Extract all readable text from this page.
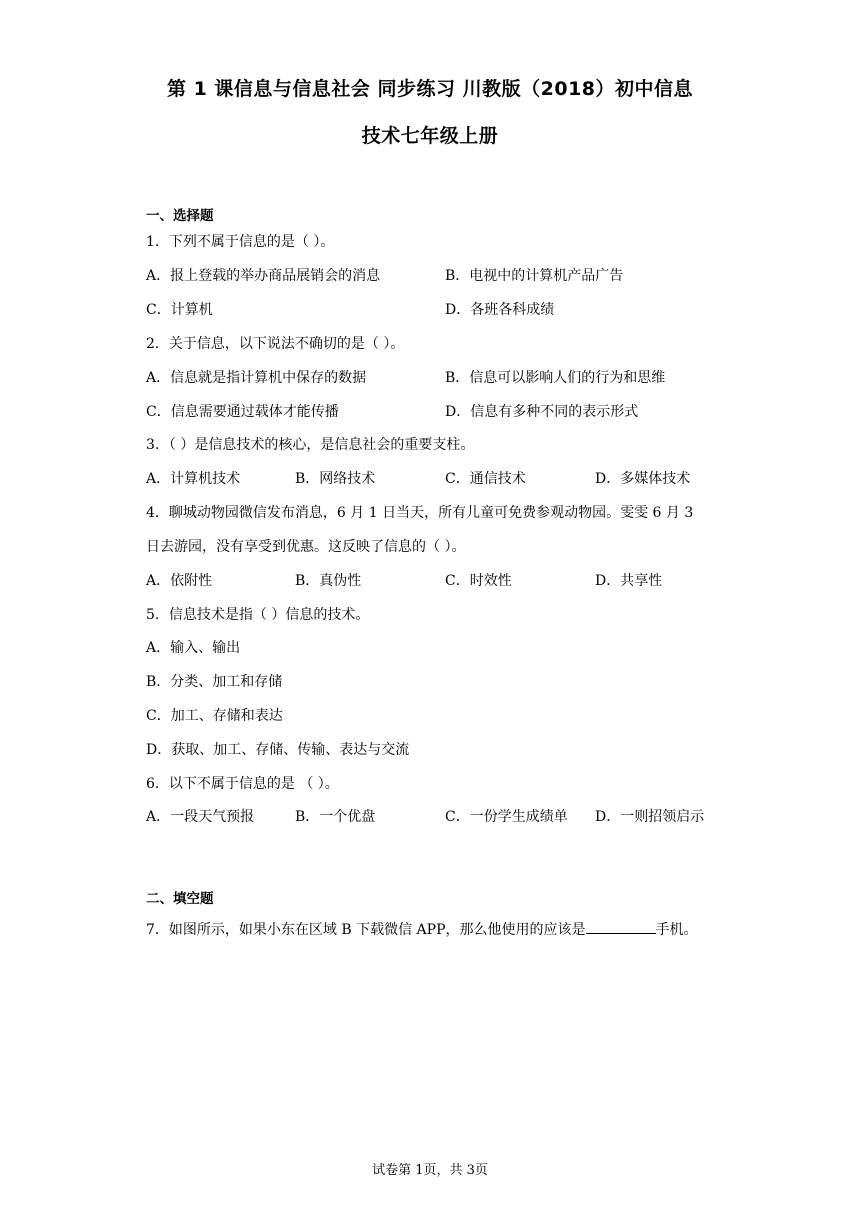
第 1 课信息与信息社会 同步练习 川教版（2018）初中信息
技术七年级上册
一、选择题
1．下列不属于信息的是（ ）。
A．报上登载的举办商品展销会的消息	B．电视中的计算机产品广告
C．计算机	D．各班各科成绩
2．关于信息，以下说法不确切的是（ ）。
A．信息就是指计算机中保存的数据	B．信息可以影响人们的行为和思维
C．信息需要通过载体才能传播	D．信息有多种不同的表示形式
3．（ ）是信息技术的核心，是信息社会的重要支柱。
A．计算机技术	B．网络技术	C．通信技术	D．多媒体技术
4．聊城动物园微信发布消息，6 月 1 日当天，所有儿童可免费参观动物园。雯雯 6 月 3
日去游园，没有享受到优惠。这反映了信息的（ ）。
A．依附性	B．真伪性	C．时效性	D．共享性
5．信息技术是指（ ）信息的技术。
A．输入、输出
B．分类、加工和存储
C．加工、存储和表达
D．获取、加工、存储、传输、表达与交流
6．以下不属于信息的是 （ ）。
A．一段天气预报	B．一个优盘	C．一份学生成绩单 D．一则招领启示
二、填空题
7．如图所示，如果小东在区域 B 下载微信 APP，那么他使用的应该是	手机。
试卷第 1页，共 3页
